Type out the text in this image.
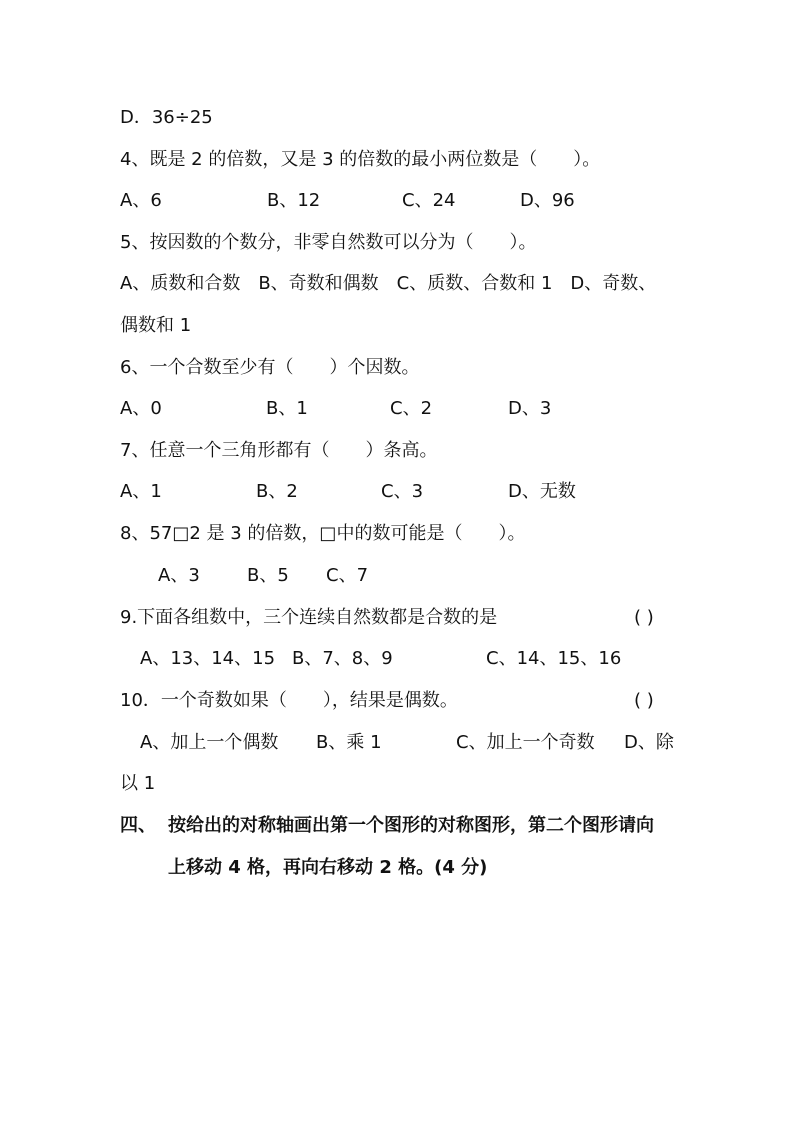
D．36÷25
4、既是 2 的倍数，又是 3 的倍数的最小两位数是（　　）。
A、6	B、12	C、24	D、96
5、按因数的个数分，非零自然数可以分为（　　）。
A、质数和合数　B、奇数和偶数　C、质数、合数和 1　D、奇数、
偶数和 1
6、一个合数至少有（　　）个因数。
A、0	B、1	C、2	D、3
7、任意一个三角形都有（　　）条高。
A、1	B、2	C、3	D、无数
8、57□2 是 3 的倍数，□中的数可能是（　　）。
A、3	B、5 C、7
9.下面各组数中，三个连续自然数都是合数的是	( )
A、13、14、15 B、7、8、9	C、14、15、16
10．一个奇数如果（　　），结果是偶数。	( )
A、加上一个偶数 B、乘 1	C、加上一个奇数 D、除
以 1
四、 按给出的对称轴画出第一个图形的对称图形，第二个图形请向
上移动 4 格，再向右移动 2 格。(4 分)
